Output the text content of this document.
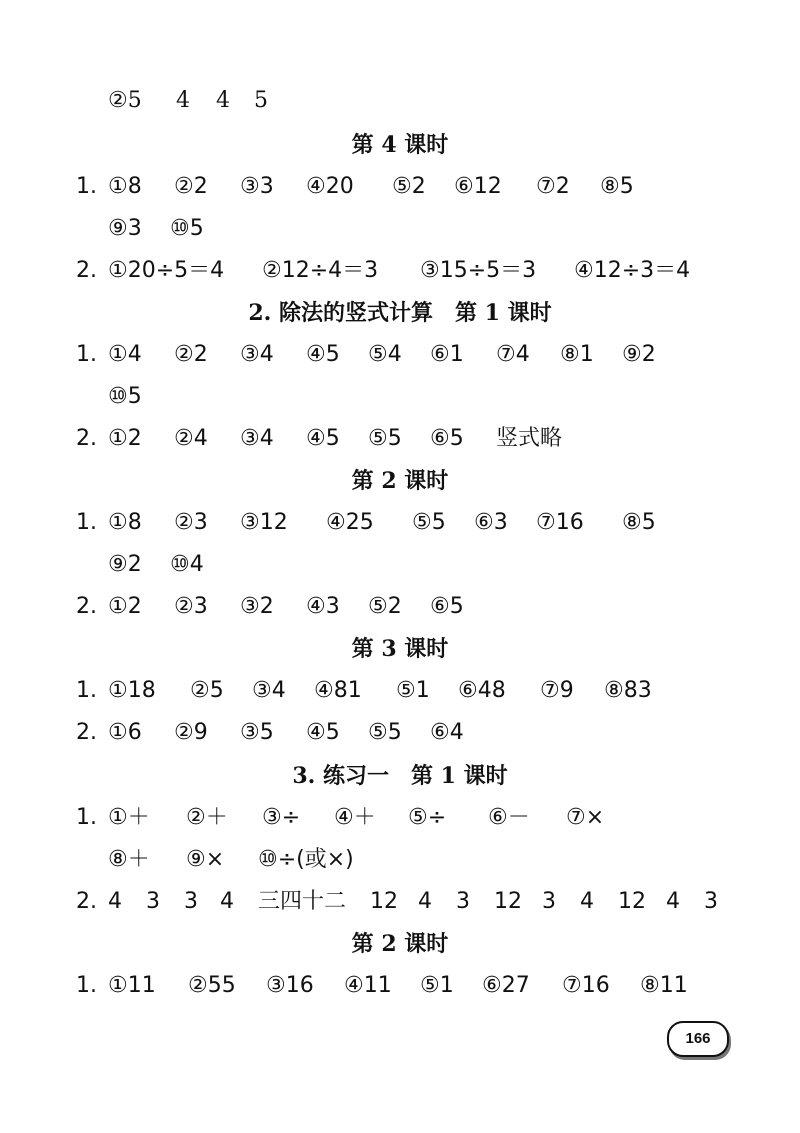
②5 4 4 5
第 4 课时
1. ①8 ②2 ③3 ④20 ⑤2 ⑥12 ⑦2 ⑧5
⑨3 ⑩5
2. ①20÷5＝4 ②12÷4＝3 ③15÷5＝3 ④12÷3＝4
2. 除法的竖式计算　第 1 课时
1. ①4 ②2 ③4 ④5 ⑤4 ⑥1 ⑦4 ⑧1 ⑨2
⑩5
2. ①2 ②4 ③4 ④5 ⑤5 ⑥5 竖式略
第 2 课时
1. ①8 ②3 ③12 ④25 ⑤5 ⑥3 ⑦16 ⑧5
⑨2 ⑩4
2. ①2 ②3 ③2 ④3 ⑤2 ⑥5
第 3 课时
1. ①18 ②5 ③4 ④81 ⑤1 ⑥48 ⑦9 ⑧83
2. ①6 ②9 ③5 ④5 ⑤5 ⑥4
3. 练习一　第 1 课时
1. ①＋ ②＋ ③÷ ④＋ ⑤÷ ⑥－ ⑦×
⑧＋ ⑨× ⑩÷(或×)
2. 4 3 3 4 三四十二 12 4 3 12 3 4 12 4 3
第 2 课时
1. ①11 ②55 ③16 ④11 ⑤1 ⑥27 ⑦16 ⑧11
166
